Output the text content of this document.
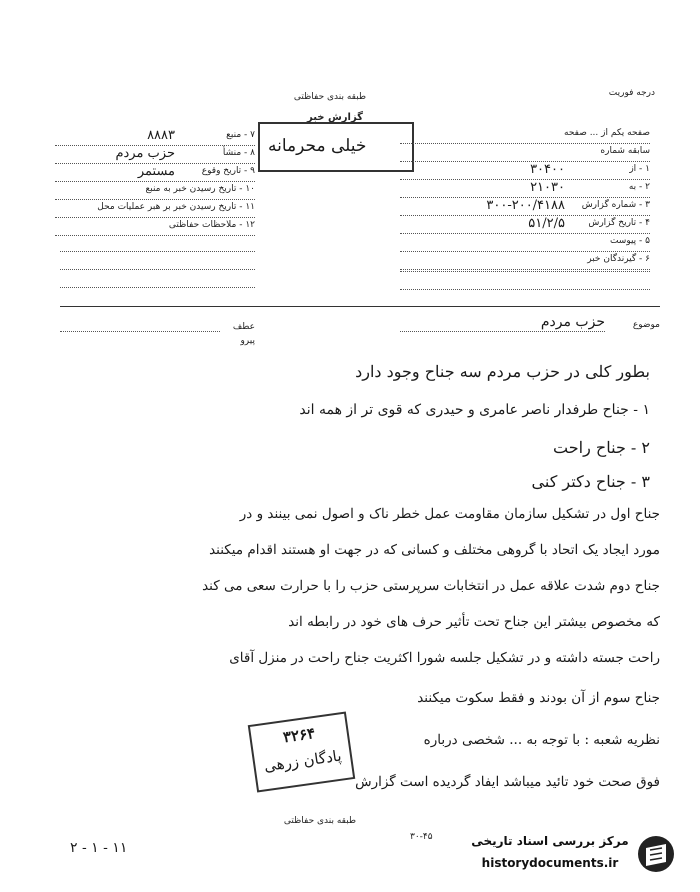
درجه فوریت
طبقه بندی حفاظتی
گزارش خبر
خیلی محرمانه
صفحه یکم از ... صفحه
سابقه شماره
۱ - از
۳۰۴۰۰
۲ - به
۲۱۰۳۰
۳ - شماره گزارش
۳۰۰-۲۰۰/۴۱۸۸
۴ - تاریخ گزارش
۵۱/۲/۵
۵ - پیوست
۶ - گیرندگان خبر
۷ - منبع
۸۸۸۳
۸ - منشأ
حزب مردم
۹ - تاریخ وقوع
مستمر
۱۰ - تاریخ رسیدن خبر به منبع
۱۱ - تاریخ رسیدن خبر بر هبر عملیات محل
۱۲ - ملاحظات حفاظتی
موضوع
حزب مردم
عطف
پیرو
بطور کلی در حزب مردم سه جناح وجود دارد
۱ - جناح طرفدار ناصر عامری و حیدری که قوی تر از همه اند
۲ - جناح راحت
۳ - جناح دکتر کنی
جناح اول در تشکیل سازمان مقاومت عمل خطر ناک و اصول نمی بینند و در
مورد ایجاد یک اتحاد با گروهی مختلف و کسانی که در جهت او هستند اقدام میکنند
جناح دوم شدت علاقه عمل در انتخابات سرپرستی حزب را با حرارت سعی می کند
که مخصوص بیشتر این جناح تحت تأثیر حرف های خود در رابطه اند
راحت جسته داشته و در تشکیل جلسه شورا اکثریت جناح راحت در منزل آقای
جناح سوم از آن بودند و فقط سکوت میکنند
نظریه شعبه : با توجه به ... شخصی درباره
فوق صحت خود تائید میباشد ایفاد گردیده است گزارش
۳۲۶۴
پادگان زرهی
طبقه بندی حفاظتی
۳۰-۴۵
۲ - ۱ - ۱۱	مرکز بررسی اسناد تاریخی
historydocuments.ir
